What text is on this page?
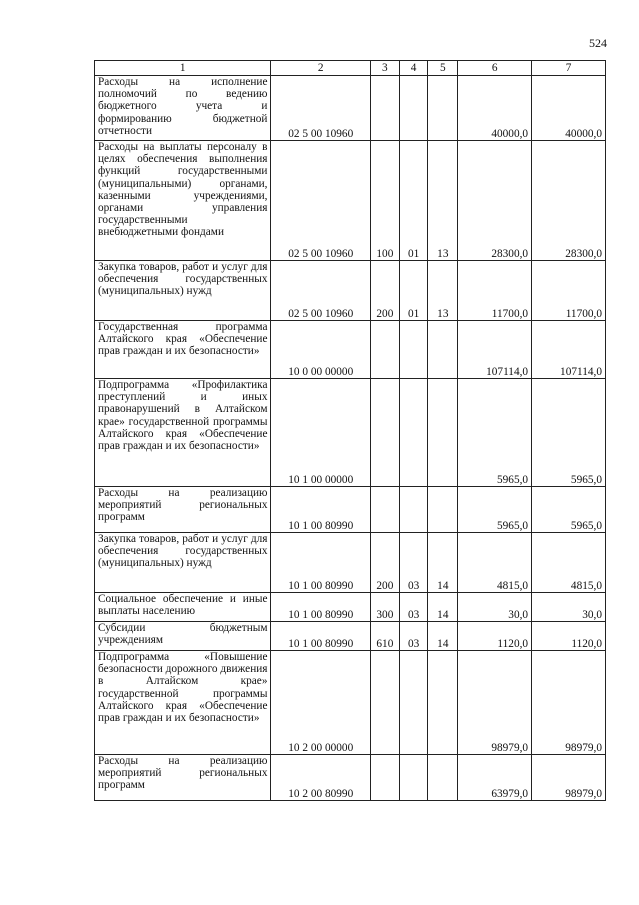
524
1	2	3	4	5	6	7
Расходы на исполнение полномочий по ведению бюджетного учета и формированию бюджетной отчетности	02 5 00 10960				40000,0	40000,0
Расходы на выплаты персоналу в целях обеспечения выполнения функций государственными (муниципальными) органами, казенными учреждениями, органами управления государственными внебюджетными фондами	02 5 00 10960	100	01	13	28300,0	28300,0
Закупка товаров, работ и услуг для обеспечения государственных (муниципальных) нужд	02 5 00 10960	200	01	13	11700,0	11700,0
Государственная программа Алтайского края «Обеспечение прав граждан и их безопасности»	10 0 00 00000				107114,0	107114,0
Подпрограмма «Профилактика преступлений и иных правонарушений в Алтайском крае» государственной программы Алтайского края «Обеспечение прав граждан и их безопасности»	10 1 00 00000				5965,0	5965,0
Расходы на реализацию мероприятий региональных программ	10 1 00 80990				5965,0	5965,0
Закупка товаров, работ и услуг для обеспечения государственных (муниципальных) нужд	10 1 00 80990	200	03	14	4815,0	4815,0
Социальное обеспечение и иные выплаты населению	10 1 00 80990	300	03	14	30,0	30,0
Субсидии бюджетным учреждениям	10 1 00 80990	610	03	14	1120,0	1120,0
Подпрограмма «Повышение безопасности дорожного движения в Алтайском крае» государственной программы Алтайского края «Обеспечение прав граждан и их безопасности»	10 2 00 00000				98979,0	98979,0
Расходы на реализацию мероприятий региональных программ	10 2 00 80990				63979,0	98979,0
